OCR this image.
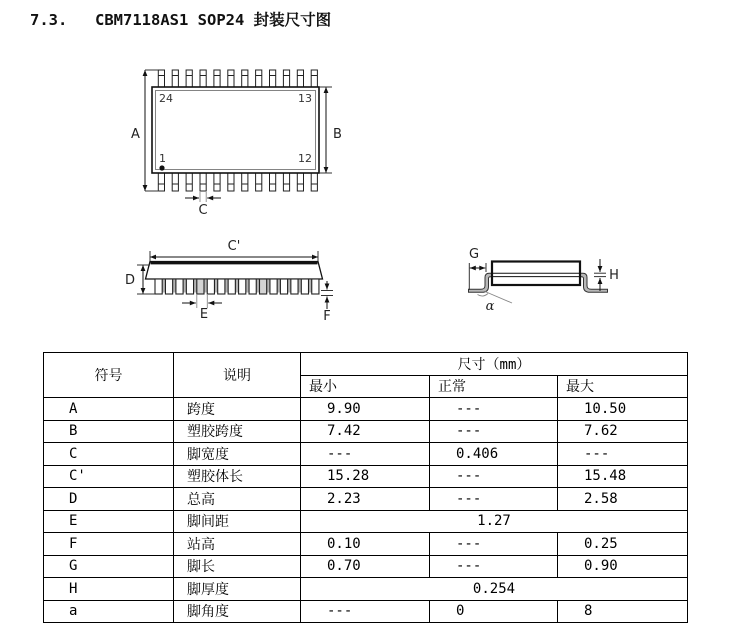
7.3. CBM7118AS1 SOP24 封装尺寸图
24	13
1	12
A	B
C
C'
D
E	F
G
H
α
符号	说明	尺寸（mm）		
		最小	正常	最大
A	跨度	9.90	---	10.50
B	塑胶跨度	7.42	---	7.62
C	脚宽度	---	0.406	---
C'	塑胶体长	15.28	---	15.48
D	总高	2.23	---	2.58
E	脚间距	1.27		
F	站高	0.10	---	0.25
G	脚长	0.70	---	0.90
H	脚厚度	0.254		
a	脚角度	---	0	8
